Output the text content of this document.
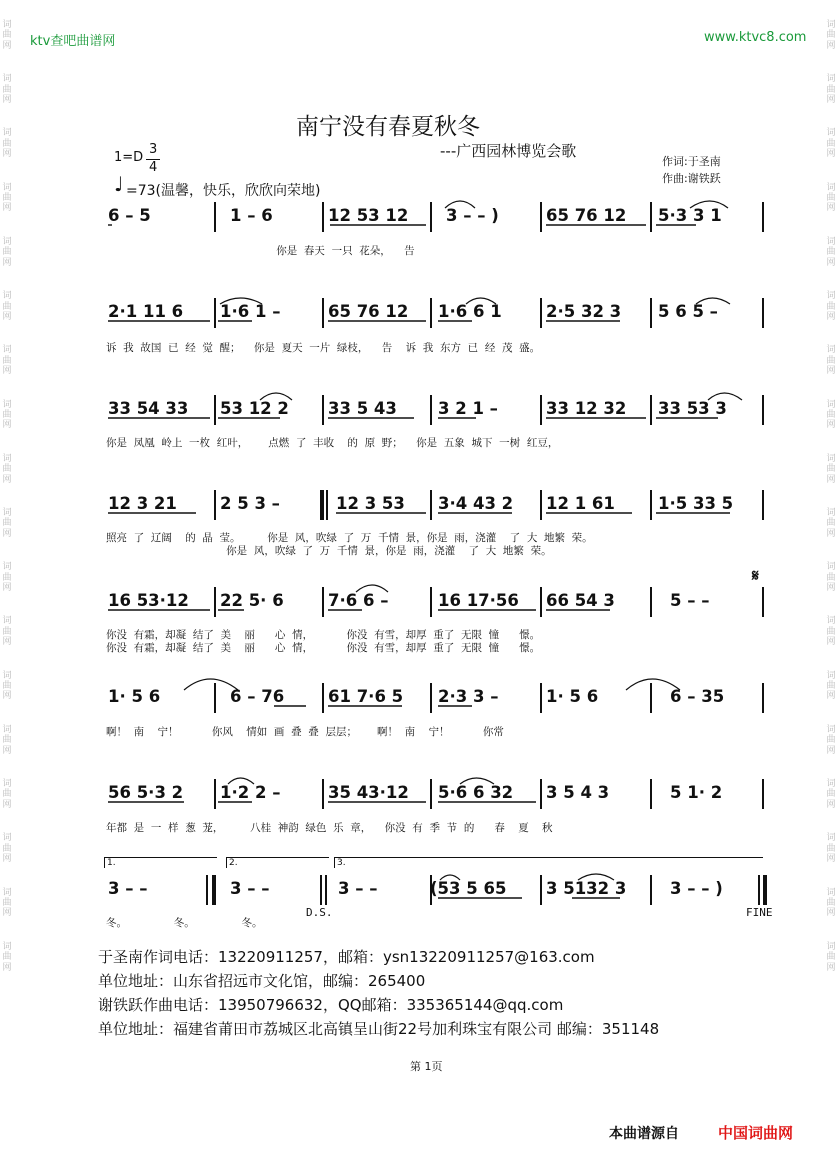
词曲网
词曲网
词曲网
词曲网
词曲网
词曲网
词曲网
词曲网
词曲网
词曲网
词曲网
词曲网
词曲网
词曲网
词曲网
词曲网
词曲网
词曲网
词曲网
词曲网
词曲网
词曲网
词曲网
词曲网
词曲网
词曲网
词曲网
词曲网
词曲网
词曲网
词曲网
词曲网
词曲网
词曲网
词曲网
词曲网
ktv查吧曲谱网	www.ktvc8.com
南宁没有春夏秋冬
---广西园林博览会歌
作词:于圣南
作曲:谢铁跃
1=D
3
4
♩ =73(温馨，快乐，欣欣向荣地)
6 – 5	1 – 6	12 53 12 3 – – )	65 76 12 5·3 3 1
你是  春天  一只  花朵，    告
2·1 11 6 1·6 1 –	65 76 12 1·6 6 1	2·5 32 3 5 6 5 –
诉  我  故国  已  经  觉  醒；    你是  夏天  一片  绿枝，    告    诉  我  东方  已  经  茂  盛。
33 54 33 53 12 2 33 5 43 3 2 1 –	33 12 32 33 53 3
你是  凤凰  岭上  一枚  红叶，      点燃  了  丰收    的  原  野；    你是  五象  城下  一树  红豆，
12 3 21	2 5 3 –	12 3 53 3·4 43 2 12 1 61	1·5 33 5
照亮  了  辽阔    的  晶  莹。        你是  风，吹绿  了  万  千情  景，你是  雨，浇灌    了  大  地繁  荣。
你是  风，吹绿  了  万  千情  景，你是  雨，浇灌    了  大  地繁  荣。
16 53·12 22 5· 6	7·6 6 –	16 17·56 66 54 3	5 – –
𝄋
你没  有霜，却凝  结了  美    丽      心  情，          你没  有雪，却厚  重了  无限  憧      憬。
你没  有霜，却凝  结了  美    丽      心  情，          你没  有雪，却厚  重了  无限  憧      憬。
1· 5 6	6 – 76	61 7·6 5 2·3 3 –	1· 5 6	6 – 35
啊！  南    宁！          你风    情如  画  叠  叠  层层；      啊！  南    宁！          你常
56 5·3 2 1·2 2 –	35 43·12 5·6 6 32 3 5 4 3	5 1· 2
年都  是  一  样  葱  茏，        八桂  神韵  绿色  乐  章，    你没  有  季  节  的      春    夏    秋
1.	2.	3.
3 – –	3 – –	3 – –	(53 5 65 3 5132 3	3 – – )
D.S.	FINE
冬。              冬。              冬。
于圣南作词电话：13220911257，邮箱：ysn13220911257@163.com
单位地址：山东省招远市文化馆，邮编：265400
谢铁跃作曲电话：13950796632，QQ邮箱：335365144@qq.com
单位地址：福建省莆田市荔城区北高镇呈山街22号加利珠宝有限公司 邮编：351148
第 1页
本曲谱源自	中国词曲网
